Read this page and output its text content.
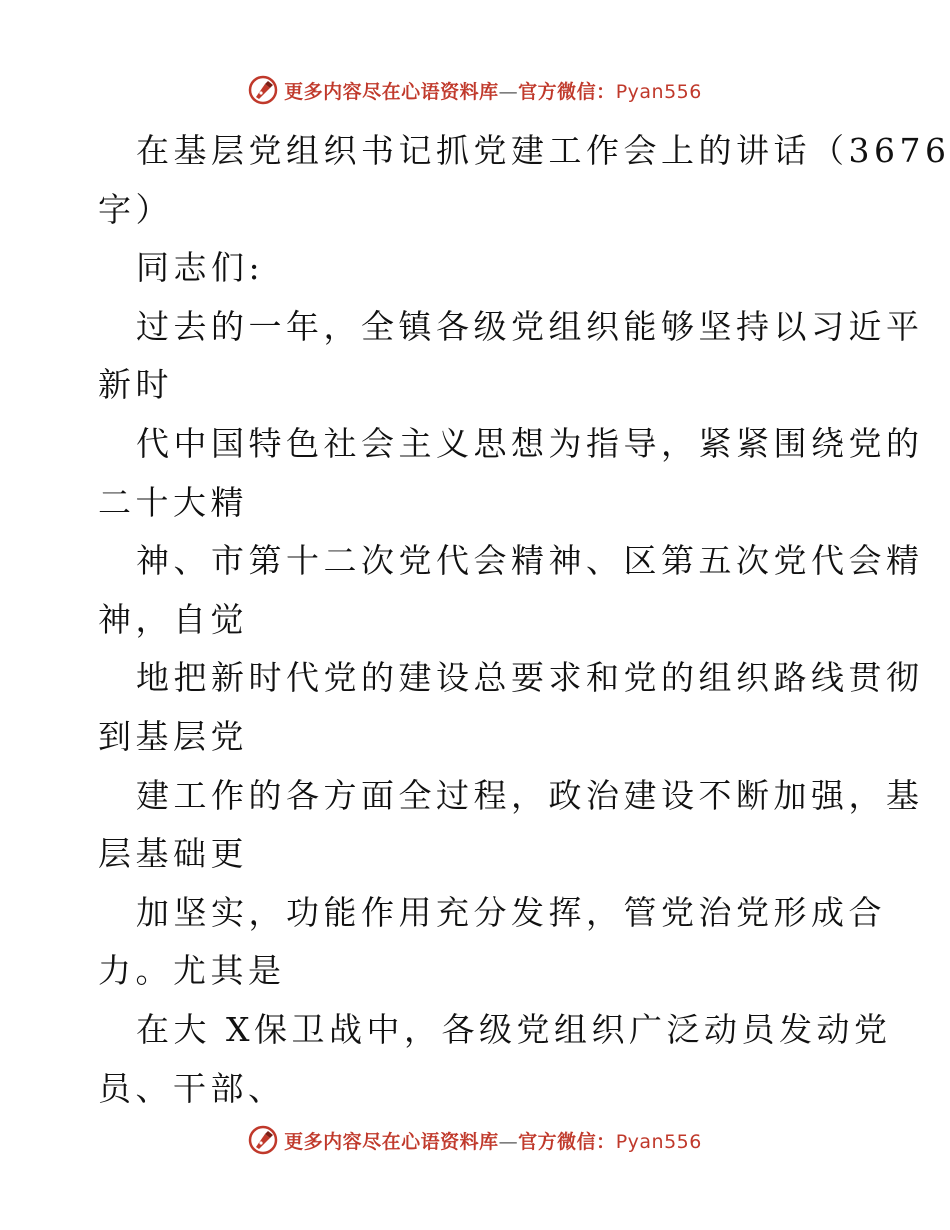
更多内容尽在心语资料库—官方微信：Pyan556

在基层党组织书记抓党建工作会上的讲话（3676

字）

同志们:

过去的一年，全镇各级党组织能够坚持以习近平

新时

代中国特色社会主义思想为指导，紧紧围绕党的

二十大精

神、市第十二次党代会精神、区第五次党代会精

神，自觉

地把新时代党的建设总要求和党的组织路线贯彻

到基层党

建工作的各方面全过程，政治建设不断加强，基

层基础更

加坚实，功能作用充分发挥，管党治党形成合

力。尤其是

在大 X保卫战中，各级党组织广泛动员发动党

员、干部、

更多内容尽在心语资料库—官方微信：Pyan556
